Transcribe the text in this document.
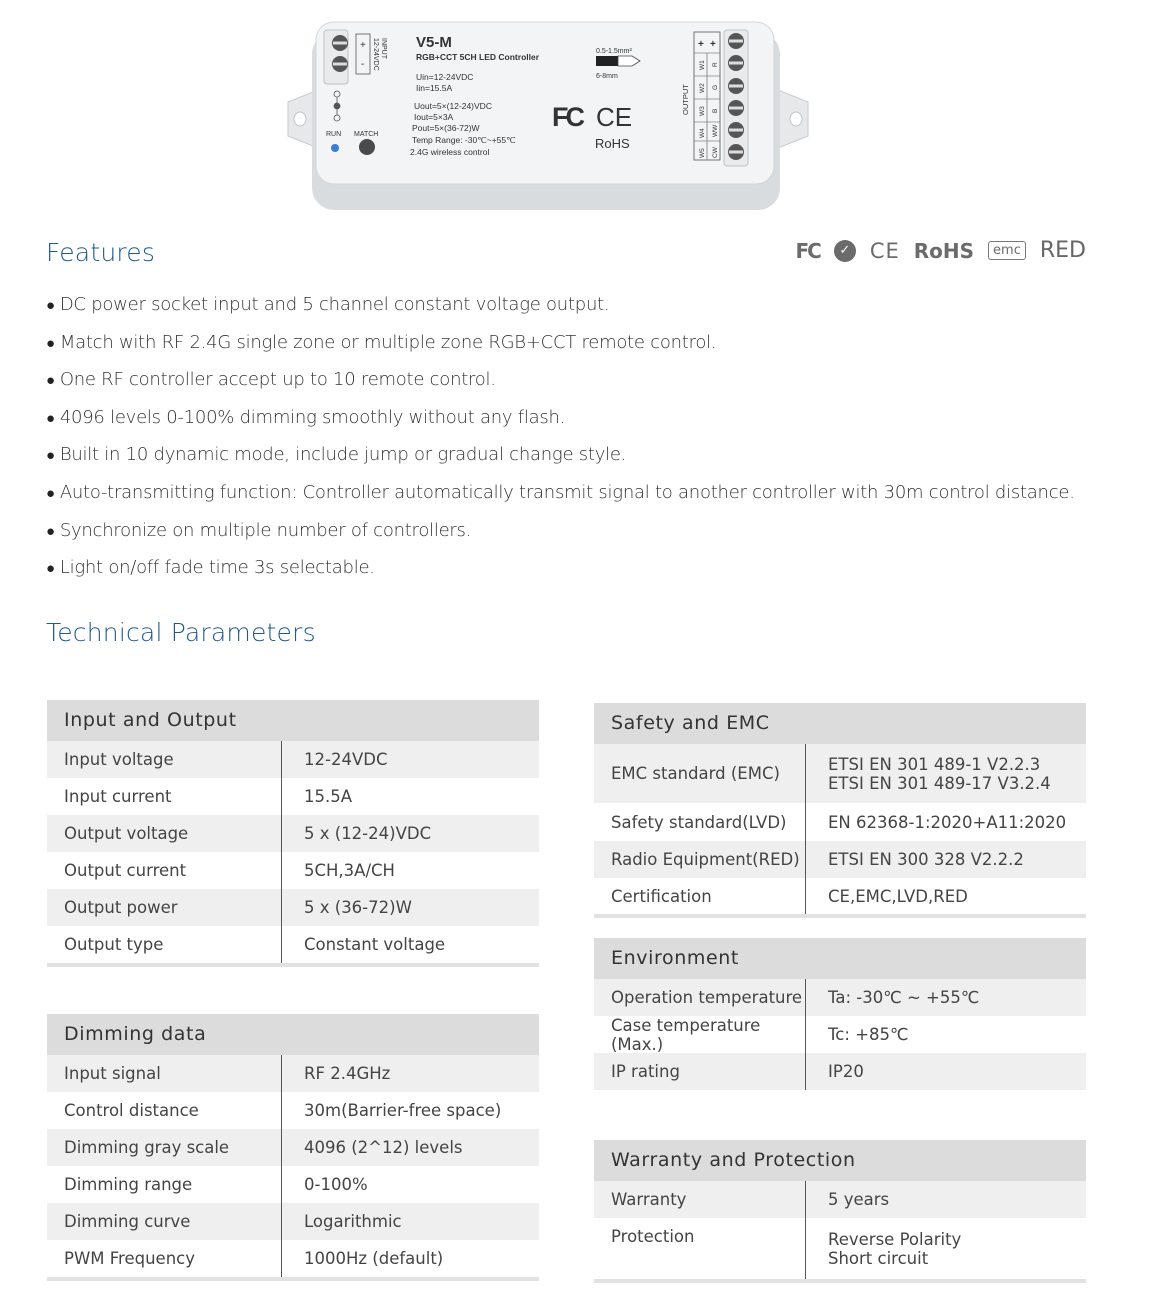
+
-
INPUT
12-24VDC
RUN MATCH
V5-M
RGB+CCT 5CH LED Controller
Uin=12-24VDC
Iin=15.5A
Uout=5×(12-24)VDC
Iout=5×3A
Pout=5×(36-72)W
Temp Range: -30℃~+55℃
2.4G wireless control
0.5-1.5mm²
6-8mm
FC CE
RoHS
OUTPUT
+ +
W1
W2
W3
W4
W5
R
G
B
WW
CW
Features	FC	✓ CE RoHS	emc RED
● DC power socket input and 5 channel constant voltage output.
● Match with RF 2.4G single zone or multiple zone RGB+CCT remote control.
● One RF controller accept up to 10 remote control.
● 4096 levels 0-100% dimming smoothly without any flash.
● Built in 10 dynamic mode, include jump or gradual change style.
● Auto-transmitting function: Controller automatically transmit signal to another controller with 30m control distance.
● Synchronize on multiple number of controllers.
● Light on/off fade time 3s selectable.
Technical Parameters
Input and Output
Input voltage	12-24VDC
Input current	15.5A
Output voltage	5 x (12-24)VDC
Output current	5CH,3A/CH
Output power	5 x (36-72)W
Output type	Constant voltage
Dimming data
Input signal	RF 2.4GHz
Control distance	30m(Barrier-free space)
Dimming gray scale	4096 (2^12) levels
Dimming range	0-100%
Dimming curve	Logarithmic
PWM Frequency	1000Hz (default)
Safety and EMC
EMC standard (EMC)	ETSI EN 301 489-1 V2.2.3
ETSI EN 301 489-17 V3.2.4
Safety standard(LVD)	EN 62368-1:2020+A11:2020
Radio Equipment(RED)	ETSI EN 300 328 V2.2.2
Certification	CE,EMC,LVD,RED
Environment
Operation temperature Ta: -30℃ ~ +55℃
Case temperature (Max.)	Tc: +85℃
IP rating	IP20
Warranty and Protection
Warranty	5 years
Protection	Reverse Polarity
Short circuit
